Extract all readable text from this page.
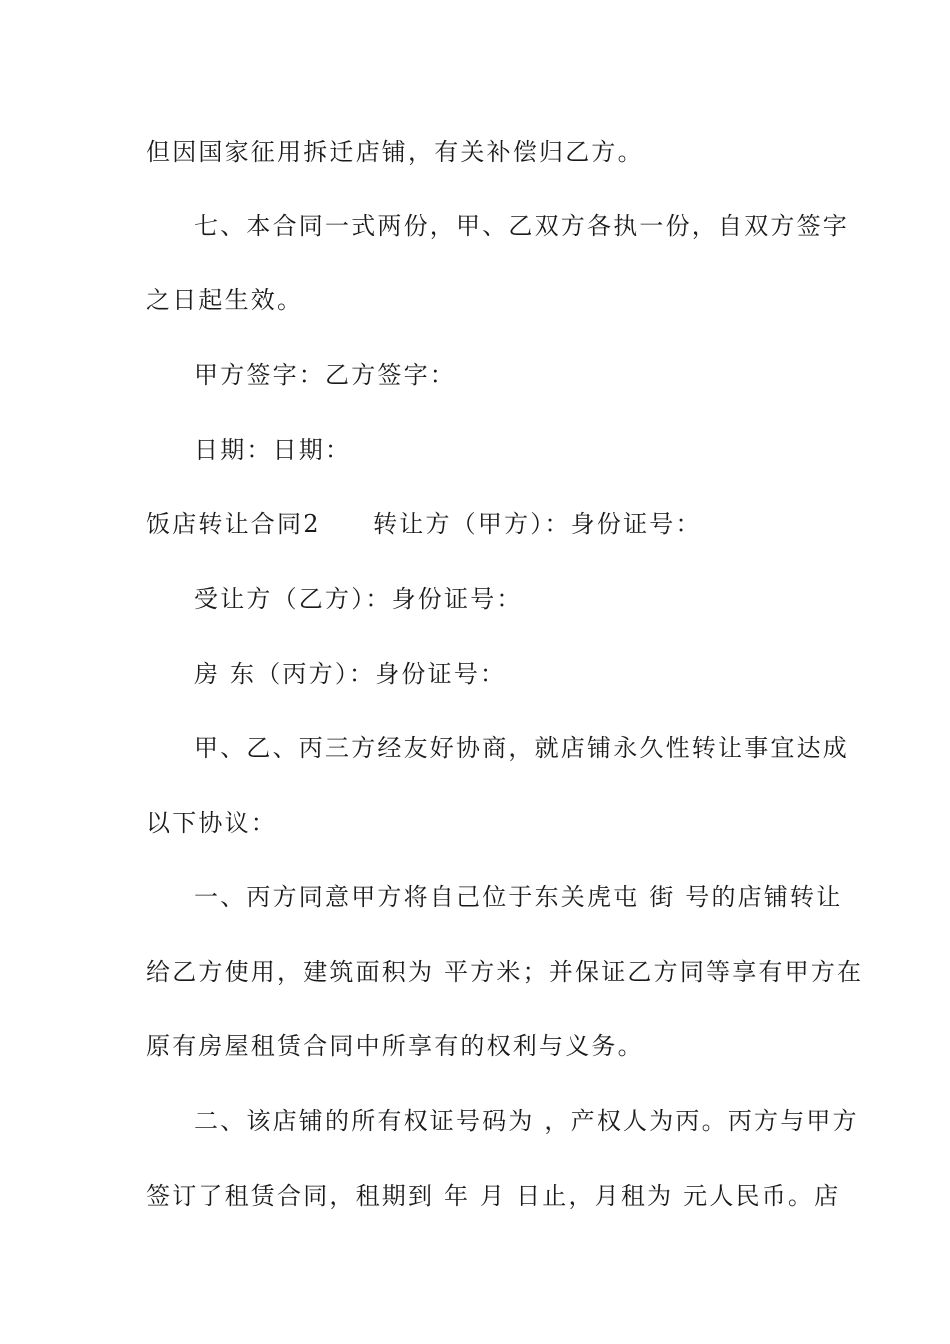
但因国家征用拆迁店铺，有关补偿归乙方。

七、本合同一式两份，甲、乙双方各执一份，自双方签字

之日起生效。

甲方签字：乙方签字：

日期：日期：

饭店转让合同2　　转让方（甲方）：身份证号：

受让方（乙方）：身份证号：

房 东（丙方）：身份证号：

甲、乙、丙三方经友好协商，就店铺永久性转让事宜达成

以下协议：

一、丙方同意甲方将自己位于东关虎屯 街 号的店铺转让

给乙方使用，建筑面积为 平方米；并保证乙方同等享有甲方在

原有房屋租赁合同中所享有的权利与义务。

二、该店铺的所有权证号码为 ，产权人为丙。丙方与甲方

签订了租赁合同，租期到 年 月 日止，月租为 元人民币。店
